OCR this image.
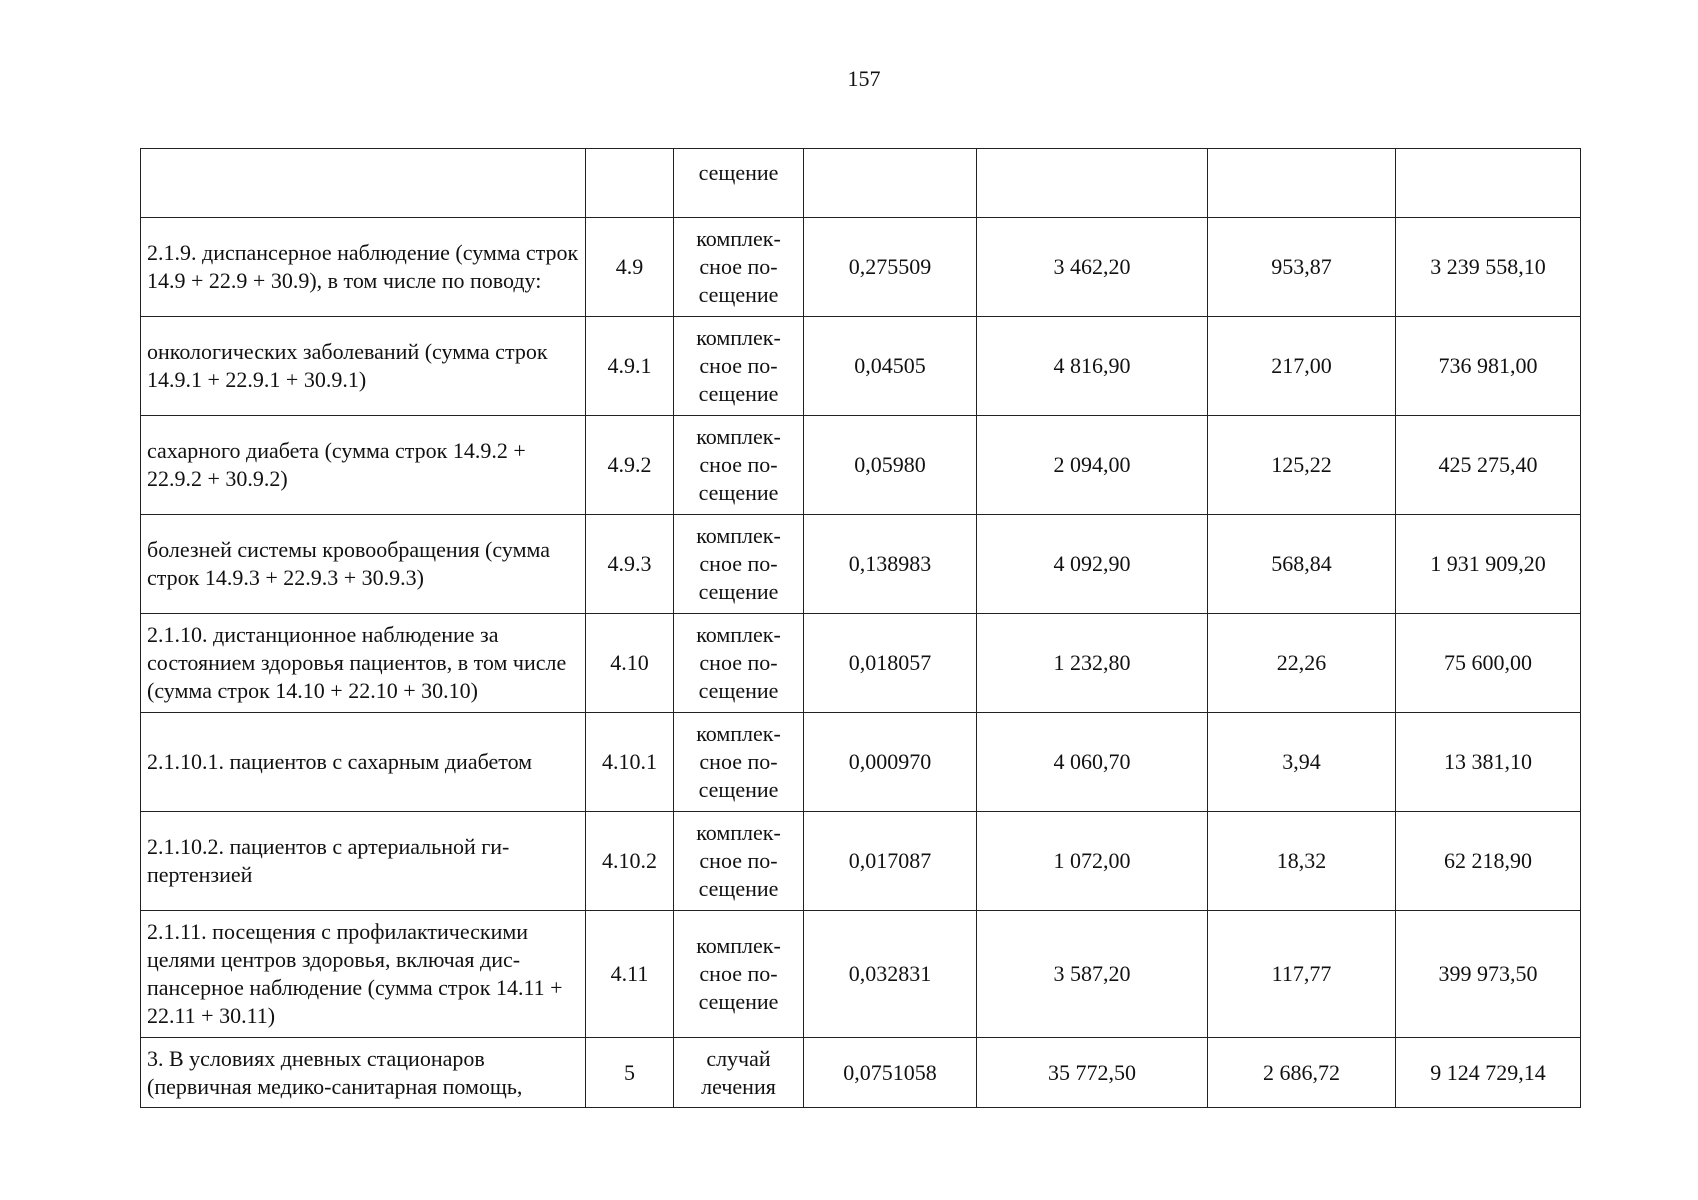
157
		сещение				
2.1.9. диспансерное наблюдение (сумма строк 14.9 + 22.9 + 30.9), в том числе по поводу:	4.9	комплек-сное по-сещение	0,275509	3 462,20	953,87	3 239 558,10
онкологических заболеваний (сумма строк 14.9.1 + 22.9.1 + 30.9.1)	4.9.1	комплек-сное по-сещение	0,04505	4 816,90	217,00	736 981,00
сахарного диабета (сумма строк 14.9.2 + 22.9.2 + 30.9.2)	4.9.2	комплек-сное по-сещение	0,05980	2 094,00	125,22	425 275,40
болезней системы кровообращения (сумма строк 14.9.3 + 22.9.3 + 30.9.3)	4.9.3	комплек-сное по-сещение	0,138983	4 092,90	568,84	1 931 909,20
2.1.10. дистанционное наблюдение за состоянием здоровья пациентов, в том числе (сумма строк 14.10 + 22.10 + 30.10)	4.10	комплек-сное по-сещение	0,018057	1 232,80	22,26	75 600,00
2.1.10.1. пациентов с сахарным диабетом	4.10.1	комплек-сное по-сещение	0,000970	4 060,70	3,94	13 381,10
2.1.10.2. пациентов с артериальной ги-пертензией	4.10.2	комплек-сное по-сещение	0,017087	1 072,00	18,32	62 218,90
2.1.11. посещения с профилактическими целями центров здоровья, включая дис-пансерное наблюдение (сумма строк 14.11 + 22.11 + 30.11)	4.11	комплек-сное по-сещение	0,032831	3 587,20	117,77	399 973,50
3. В условиях дневных стационаров (первичная медико-санитарная помощь,	5	случай лечения	0,0751058	35 772,50	2 686,72	9 124 729,14
